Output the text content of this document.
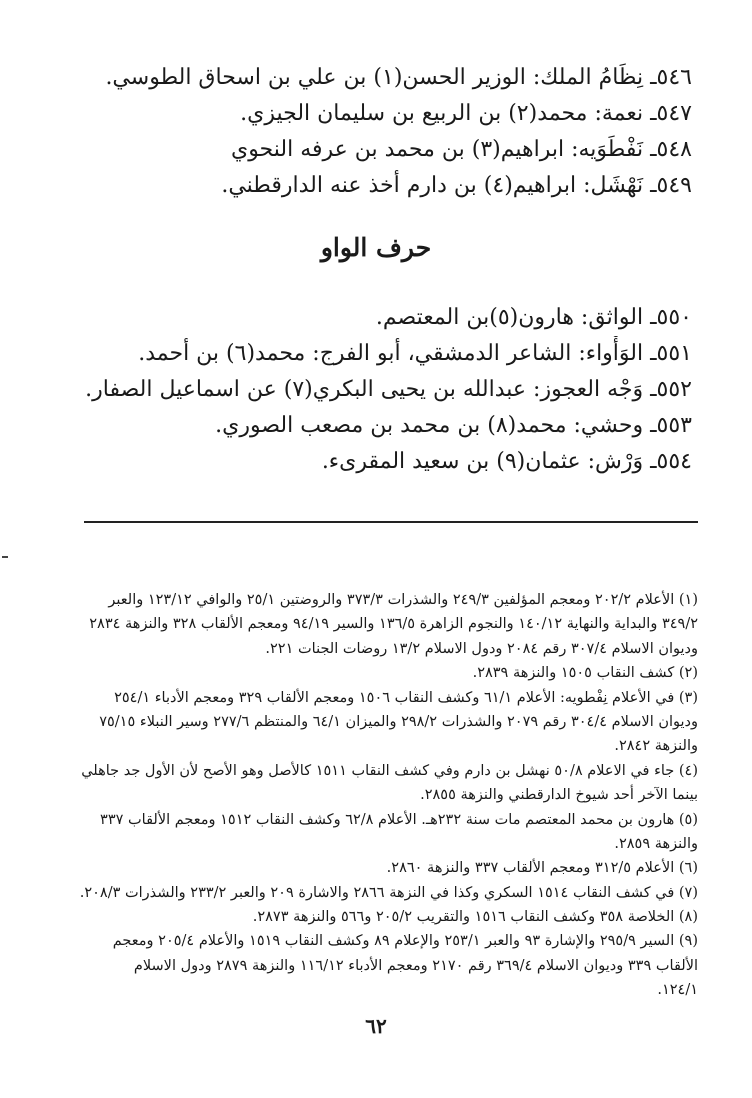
٥٤٦ـ نِظَامُ الملك: الوزير الحسن(١) بن علي بن اسحاق الطوسي.
٥٤٧ـ نعمة: محمد(٢) بن الربيع بن سليمان الجيزي.
٥٤٨ـ نَفْطَوَيه: ابراهيم(٣) بن محمد بن عرفه النحوي
٥٤٩ـ نَهْشَل: ابراهيم(٤) بن دارم أخذ عنه الدارقطني.
حرف الواو
٥٥٠ـ الواثق: هارون(٥)بن المعتصم.
٥٥١ـ الوَأْواء: الشاعر الدمشقي، أبو الفرج: محمد(٦) بن أحمد.
٥٥٢ـ وَجْه العجوز: عبدالله بن يحيى البكري(٧) عن اسماعيل الصفار.
٥٥٣ـ وحشي: محمد(٨) بن محمد بن مصعب الصوري.
٥٥٤ـ وَرْش: عثمان(٩) بن سعيد المقرىء.
(١) الأعلام ٢٠٢/٢ ومعجم المؤلفين ٢٤٩/٣ والشذرات ٣٧٣/٣ والروضتين ٢٥/١ والوافي ١٢٣/١٢ والعبر
٣٤٩/٢ والبداية والنهاية ١٤٠/١٢ والنجوم الزاهرة ١٣٦/٥ والسير ٩٤/١٩ ومعجم الألقاب ٣٢٨ والنزهة ٢٨٣٤
وديوان الاسلام ٣٠٧/٤ رقم ٢٠٨٤ ودول الاسلام ١٣/٢ روضات الجنات ٢٢١.
(٢) كشف النقاب ١٥٠٥ والنزهة ٢٨٣٩.
(٣) في الأعلام نِفْطويه: الأعلام ٦١/١ وكشف النقاب ١٥٠٦ ومعجم الألقاب ٣٢٩ ومعجم الأدباء ٢٥٤/١
وديوان الاسلام ٣٠٤/٤ رقم ٢٠٧٩ والشذرات ٢٩٨/٢ والميزان ٦٤/١ والمنتظم ٢٧٧/٦ وسير النبلاء ٧٥/١٥
والنزهة ٢٨٤٢.
(٤) جاء في الاعلام ٥٠/٨ نهشل بن دارم وفي كشف النقاب ١٥١١ كالأصل وهو الأصح لأن الأول جد جاهلي
بينما الآخر أحد شيوخ الدارقطني والنزهة ٢٨٥٥.
(٥) هارون بن محمد المعتصم مات سنة ٢٣٢هـ. الأعلام ٦٢/٨ وكشف النقاب ١٥١٢ ومعجم الألقاب ٣٣٧
والنزهة ٢٨٥٩.
(٦) الأعلام ٣١٢/٥ ومعجم الألقاب ٣٣٧ والنزهة ٢٨٦٠.
(٧) في كشف النقاب ١٥١٤ السكري وكذا في النزهة ٢٨٦٦ والاشارة ٢٠٩ والعبر ٢٣٣/٢ والشذرات ٢٠٨/٣.
(٨) الخلاصة ٣٥٨ وكشف النقاب ١٥١٦ والتقريب ٢٠٥/٢ و٥٦٦ والنزهة ٢٨٧٣.
(٩) السير ٢٩٥/٩ والإشارة ٩٣ والعبر ٢٥٣/١ والإعلام ٨٩ وكشف النقاب ١٥١٩ والأعلام ٢٠٥/٤ ومعجم
الألقاب ٣٣٩ وديوان الاسلام ٣٦٩/٤ رقم ٢١٧٠ ومعجم الأدباء ١١٦/١٢ والنزهة ٢٨٧٩ ودول الاسلام
١٢٤/١.
٦٢
